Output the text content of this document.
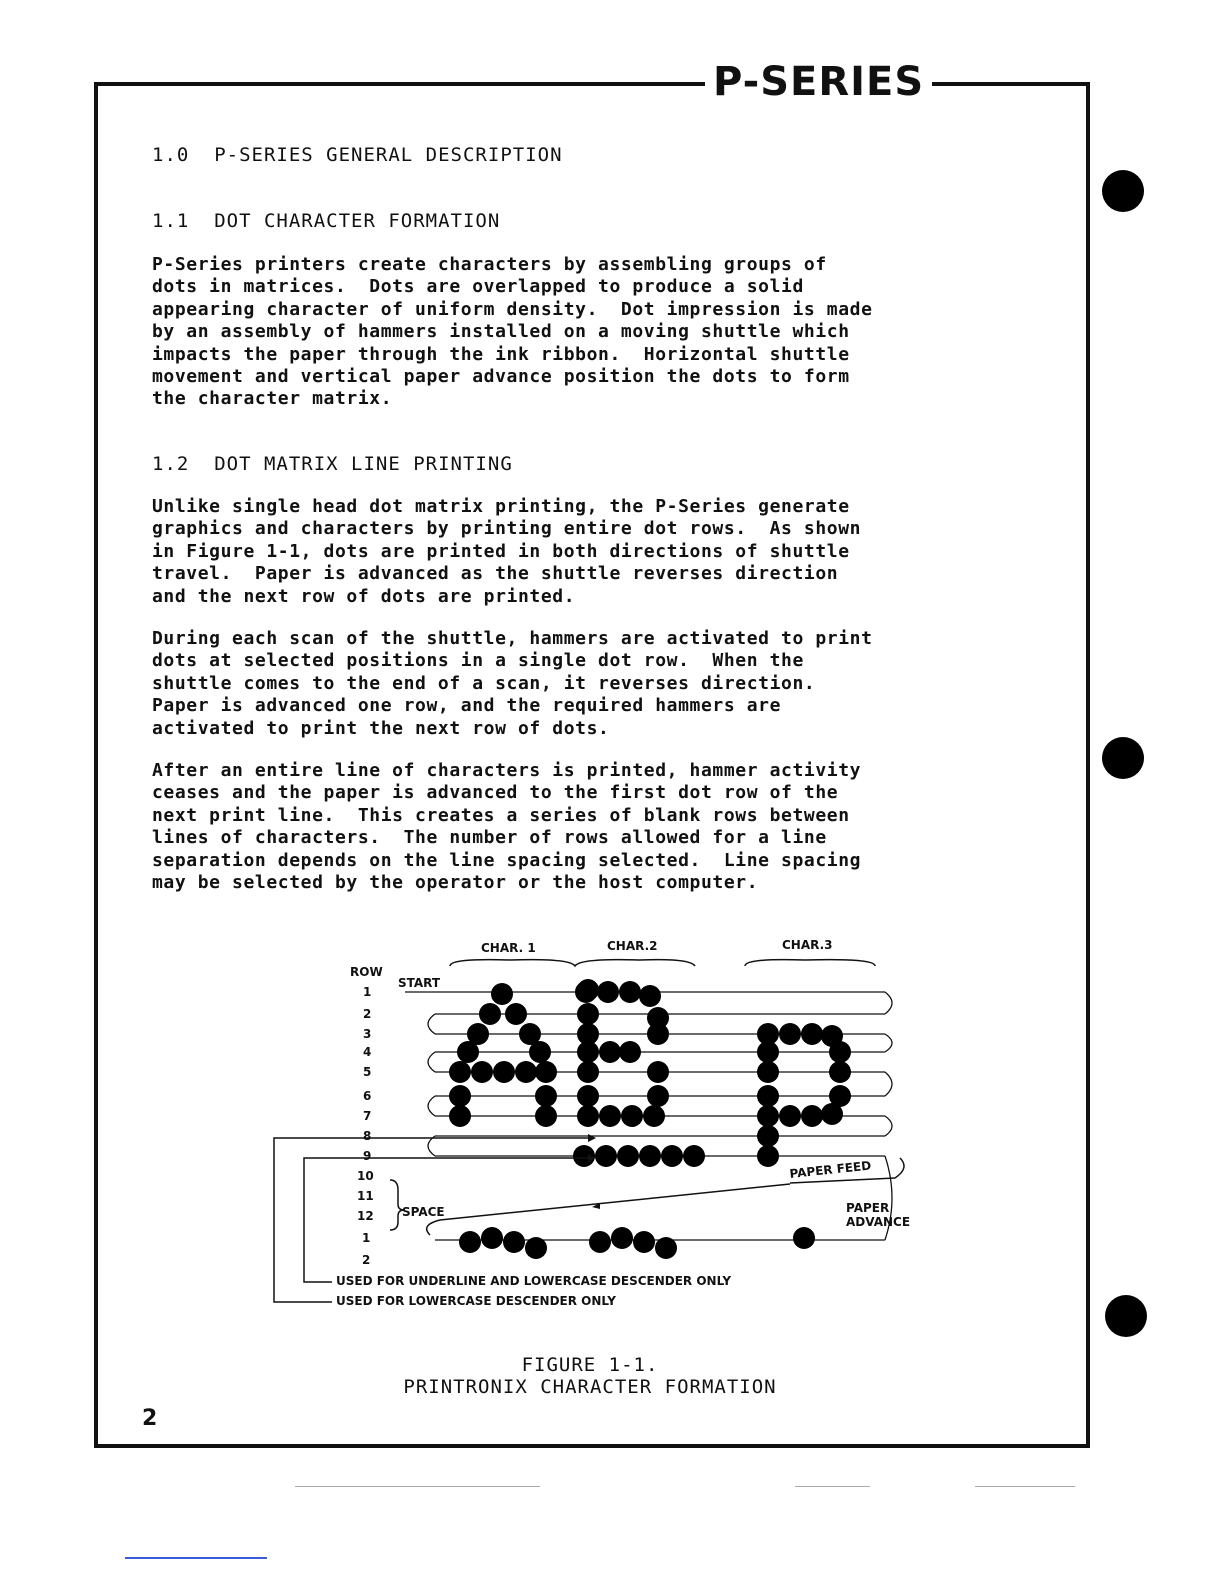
P-SERIES
1.0 P-SERIES GENERAL DESCRIPTION
1.1 DOT CHARACTER FORMATION
P-Series printers create characters by assembling groups of
dots in matrices.  Dots are overlapped to produce a solid
appearing character of uniform density.  Dot impression is made
by an assembly of hammers installed on a moving shuttle which
impacts the paper through the ink ribbon.  Horizontal shuttle
movement and vertical paper advance position the dots to form
the character matrix.
1.2 DOT MATRIX LINE PRINTING
Unlike single head dot matrix printing, the P-Series generate
graphics and characters by printing entire dot rows.  As shown
in Figure 1-1, dots are printed in both directions of shuttle
travel.  Paper is advanced as the shuttle reverses direction
and the next row of dots are printed.
During each scan of the shuttle, hammers are activated to print
dots at selected positions in a single dot row.  When the
shuttle comes to the end of a scan, it reverses direction.
Paper is advanced one row, and the required hammers are
activated to print the next row of dots.
After an entire line of characters is printed, hammer activity
ceases and the paper is advanced to the first dot row of the
next print line.  This creates a series of blank rows between
lines of characters.  The number of rows allowed for a line
separation depends on the line spacing selected.  Line spacing
may be selected by the operator or the host computer.
CHAR. 1	CHAR.2	CHAR.3
ROW
START
1
2
3
4
5
6
7
8
9
10
11
12
1
2
SPACE
PAPER FEED
PAPER
ADVANCE
USED FOR UNDERLINE AND LOWERCASE DESCENDER ONLY
USED FOR LOWERCASE DESCENDER ONLY
FIGURE 1-1.
PRINTRONIX CHARACTER FORMATION
2
